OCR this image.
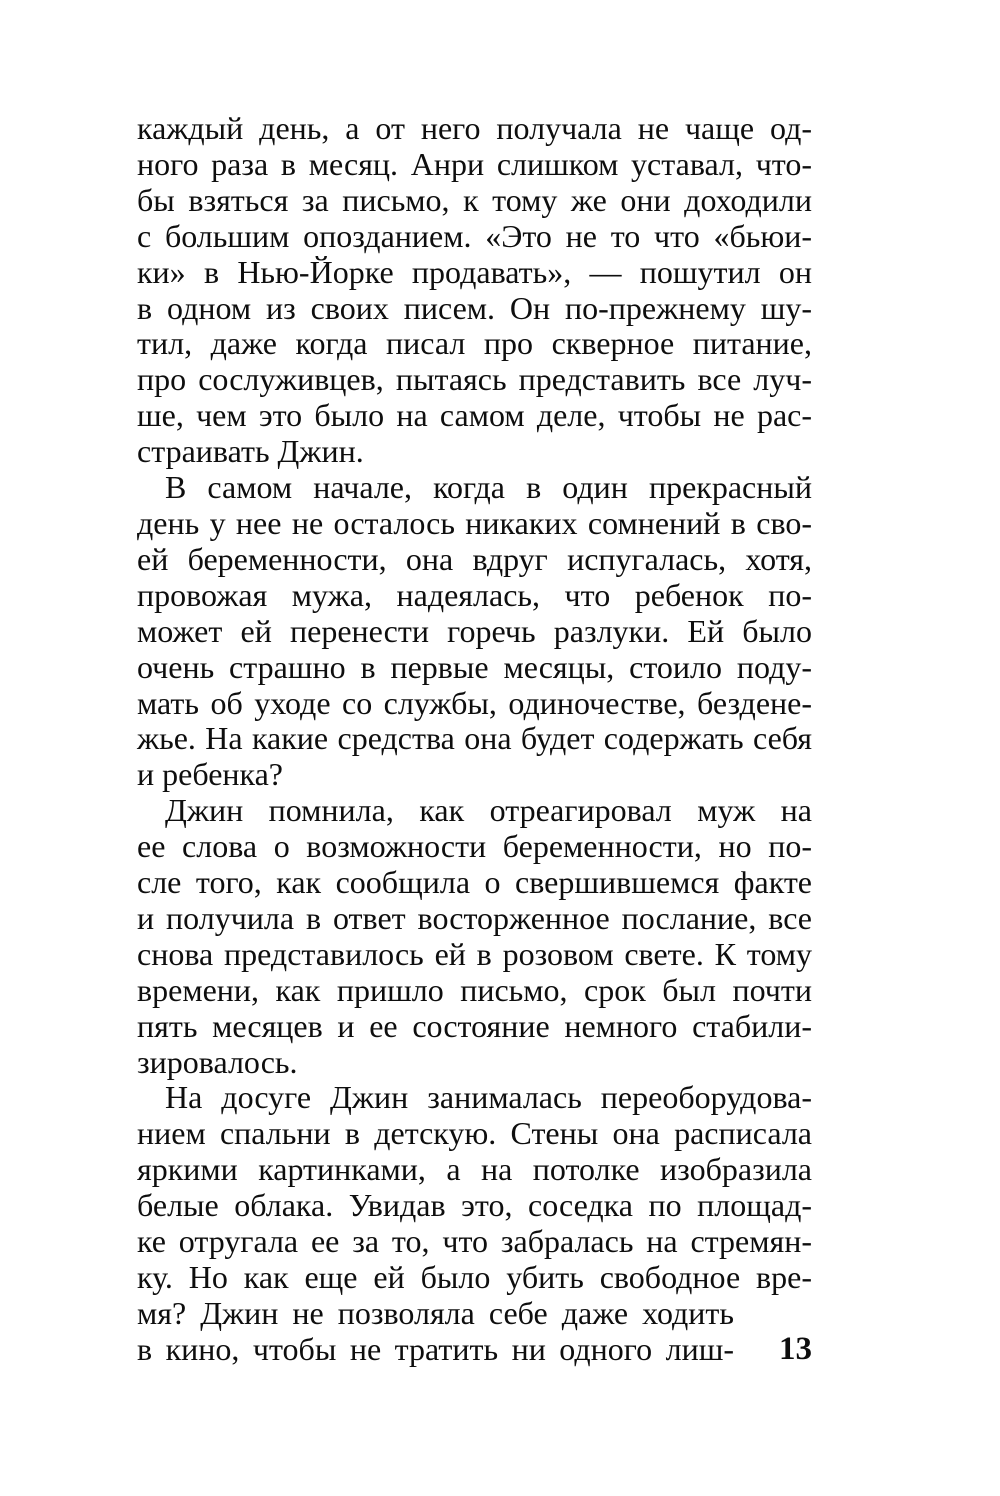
каждый день, а от него получала не чаще од-
ного раза в месяц. Анри слишком уставал, что-
бы взяться за письмо, к тому же они доходили
с большим опозданием. «Это не то что «бьюи-
ки» в Нью-Йорке продавать», — пошутил он
в одном из своих писем. Он по-прежнему шу-
тил, даже когда писал про скверное питание,
про сослуживцев, пытаясь представить все луч-
ше, чем это было на самом деле, чтобы не рас-
страивать Джин.
В самом начале, когда в один прекрасный
день у нее не осталось никаких сомнений в сво-
ей беременности, она вдруг испугалась, хотя,
провожая мужа, надеялась, что ребенок по-
может ей перенести горечь разлуки. Ей было
очень страшно в первые месяцы, стоило поду-
мать об уходе со службы, одиночестве, бездене-
жье. На какие средства она будет содержать себя
и ребенка?
Джин помнила, как отреагировал муж на
ее слова о возможности беременности, но по-
сле того, как сообщила о свершившемся факте
и получила в ответ восторженное послание, все
снова представилось ей в розовом свете. К тому
времени, как пришло письмо, срок был почти
пять месяцев и ее состояние немного стабили-
зировалось.
На досуге Джин занималась переоборудова-
нием спальни в детскую. Стены она расписала
яркими картинками, а на потолке изобразила
белые облака. Увидав это, соседка по площад-
ке отругала ее за то, что забралась на стремян-
ку. Но как еще ей было убить свободное вре-
мя? Джин не позволяла себе даже ходить
в кино, чтобы не тратить ни одного лиш- 13
